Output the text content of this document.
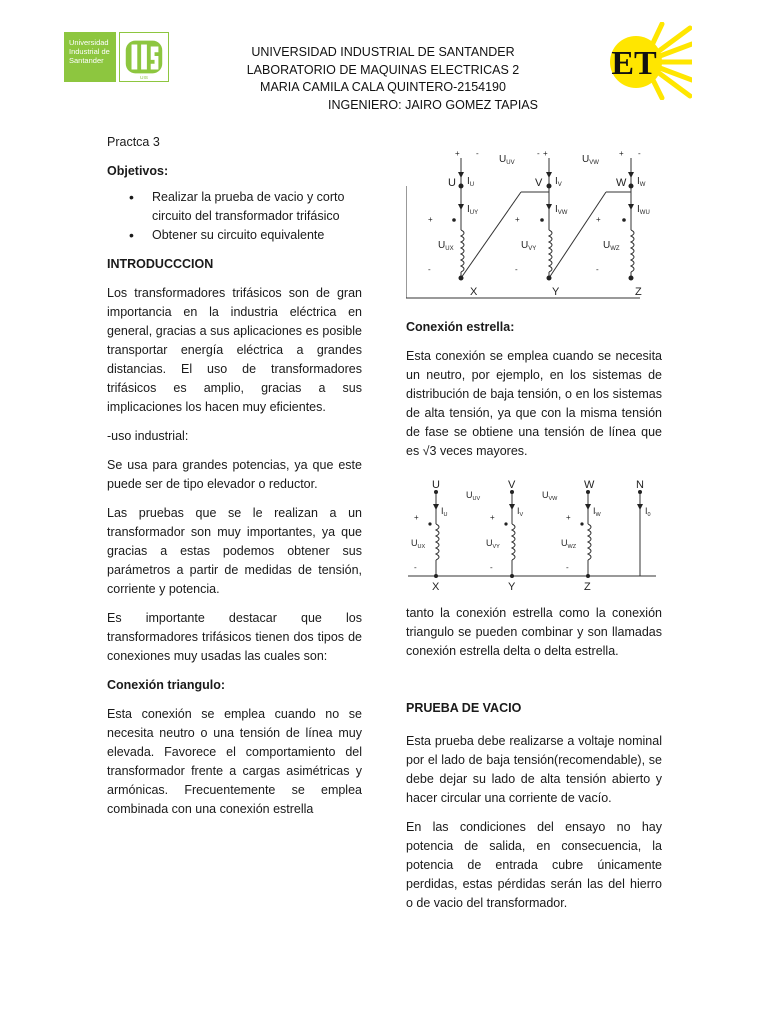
Universidad
Industrial de
Santander
UIS	ET
UNIVERSIDAD INDUSTRIAL DE SANTANDER
LABORATORIO DE MAQUINAS ELECTRICAS 2
MARIA CAMILA CALA QUINTERO-2154190
INGENIERO: JAIRO GOMEZ TAPIAS

Practca 3

Objetivos:

• Realizar la prueba de vacio y corto circuito del transformador trifásico
• Obtener su circuito equivalente

INTRODUCCCION

Los transformadores trifásicos son de gran importancia en la industria eléctrica en general, gracias a sus aplicaciones es posible transportar energía eléctrica a grandes distancias. El uso de transformadores trifásicos es amplio, gracias a sus implicaciones los hacen muy eficientes.

-uso industrial:

Se usa para grandes potencias, ya que este puede ser de tipo elevador o reductor.

Las pruebas que se le realizan a un transformador son muy importantes, ya que gracias a estas podemos obtener sus parámetros a partir de medidas de tensión, corriente y potencia.

Es importante destacar que los transformadores trifásicos tienen dos tipos de conexiones muy usadas las cuales son:

Conexión triangulo:

Esta conexión se emplea cuando no se necesita neutro o una tensión de línea muy elevada. Favorece el comportamiento del transformador frente a cargas asimétricas y armónicas. Frecuentemente se emplea combinada con una conexión estrella

U	V	W
X	Y	Z
$U_{UV}$	$U_{VW}$
$I_U$	$I_V$	$I_W$
$I_{UY}$	$I_{VW}$	$I_{WU}$
$U_{UX}$	$U_{VY}$	$U_{WZ}$
+ -	- +	+ -
+	+	+
-	-	-

Conexión estrella:

Esta conexión se emplea cuando se necesita un neutro, por ejemplo, en los sistemas de distribución de baja tensión, o en los sistemas de alta tensión, ya que con la misma tensión de fase se obtiene una tensión de línea que es √3 veces mayores.

U	V	W	N
X	Y	Z
$U_{UV}$	$U_{VW}$
$I_U$	$I_V$	$I_W$	$I_0$
$U_{UX}$	$U_{VY}$	$U_{WZ}$
+	+	+
-	-	-

tanto la conexión estrella como la conexión triangulo se pueden combinar y son llamadas conexión estrella delta o delta estrella.

PRUEBA DE VACIO

Esta prueba debe realizarse a voltaje nominal por el lado de baja tensión(recomendable), se debe dejar su lado de alta tensión abierto y hacer circular una corriente de vacío.

En las condiciones del ensayo no hay potencia de salida, en consecuencia, la potencia de entrada cubre únicamente perdidas, estas pérdidas serán las del hierro o de vacio del transformador.
